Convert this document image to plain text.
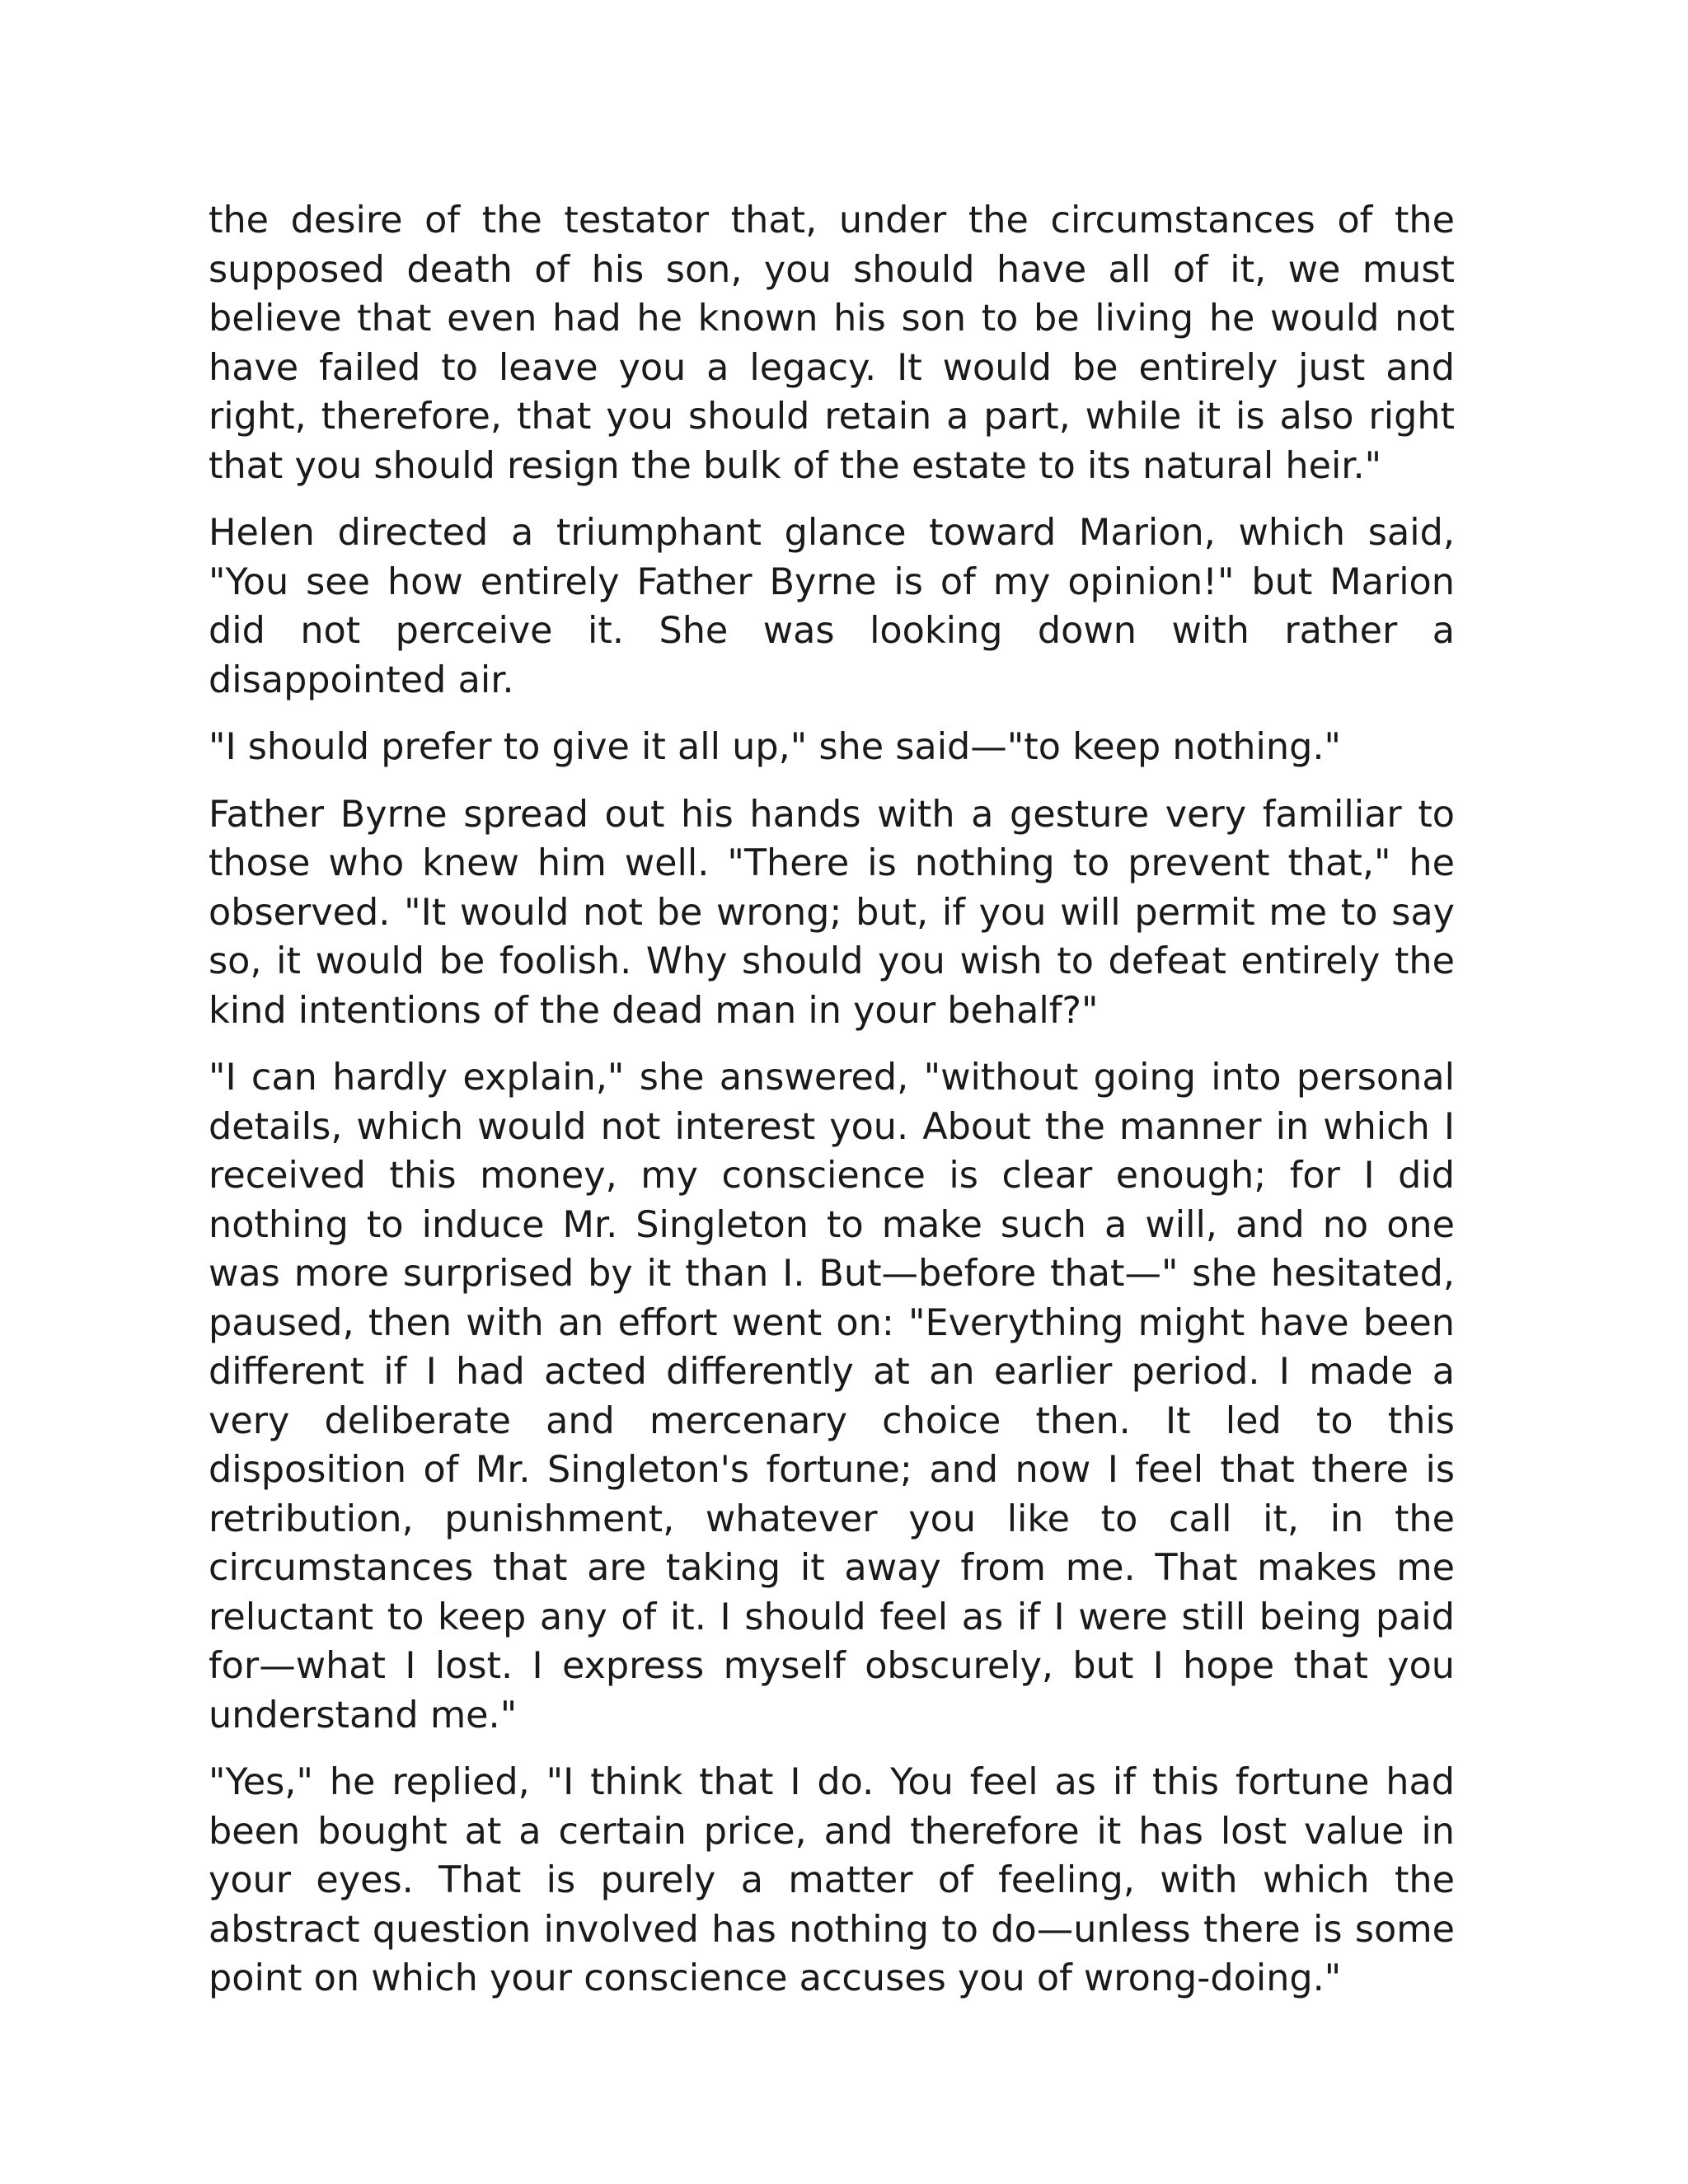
the desire of the testator that, under the circumstances of the supposed death of his son, you should have all of it, we must believe that even had he known his son to be living he would not have failed to leave you a legacy. It would be entirely just and right, therefore, that you should retain a part, while it is also right that you should resign the bulk of the estate to its natural heir."

Helen directed a triumphant glance toward Marion, which said, "You see how entirely Father Byrne is of my opinion!" but Marion did not perceive it. She was looking down with rather a disappointed air.

"I should prefer to give it all up," she said—"to keep nothing."

Father Byrne spread out his hands with a gesture very familiar to those who knew him well. "There is nothing to prevent that," he observed. "It would not be wrong; but, if you will permit me to say so, it would be foolish. Why should you wish to defeat entirely the kind intentions of the dead man in your behalf?"

"I can hardly explain," she answered, "without going into personal details, which would not interest you. About the manner in which I received this money, my conscience is clear enough; for I did nothing to induce Mr. Singleton to make such a will, and no one was more surprised by it than I. But—before that—" she hesitated, paused, then with an effort went on: "Everything might have been different if I had acted differently at an earlier period. I made a very deliberate and mercenary choice then. It led to this disposition of Mr. Singleton's fortune; and now I feel that there is retribution, punishment, whatever you like to call it, in the circumstances that are taking it away from me. That makes me reluctant to keep any of it. I should feel as if I were still being paid for—what I lost. I express myself obscurely, but I hope that you understand me."

"Yes," he replied, "I think that I do. You feel as if this fortune had been bought at a certain price, and therefore it has lost value in your eyes. That is purely a matter of feeling, with which the abstract question involved has nothing to do—unless there is some point on which your conscience accuses you of wrong-doing."
